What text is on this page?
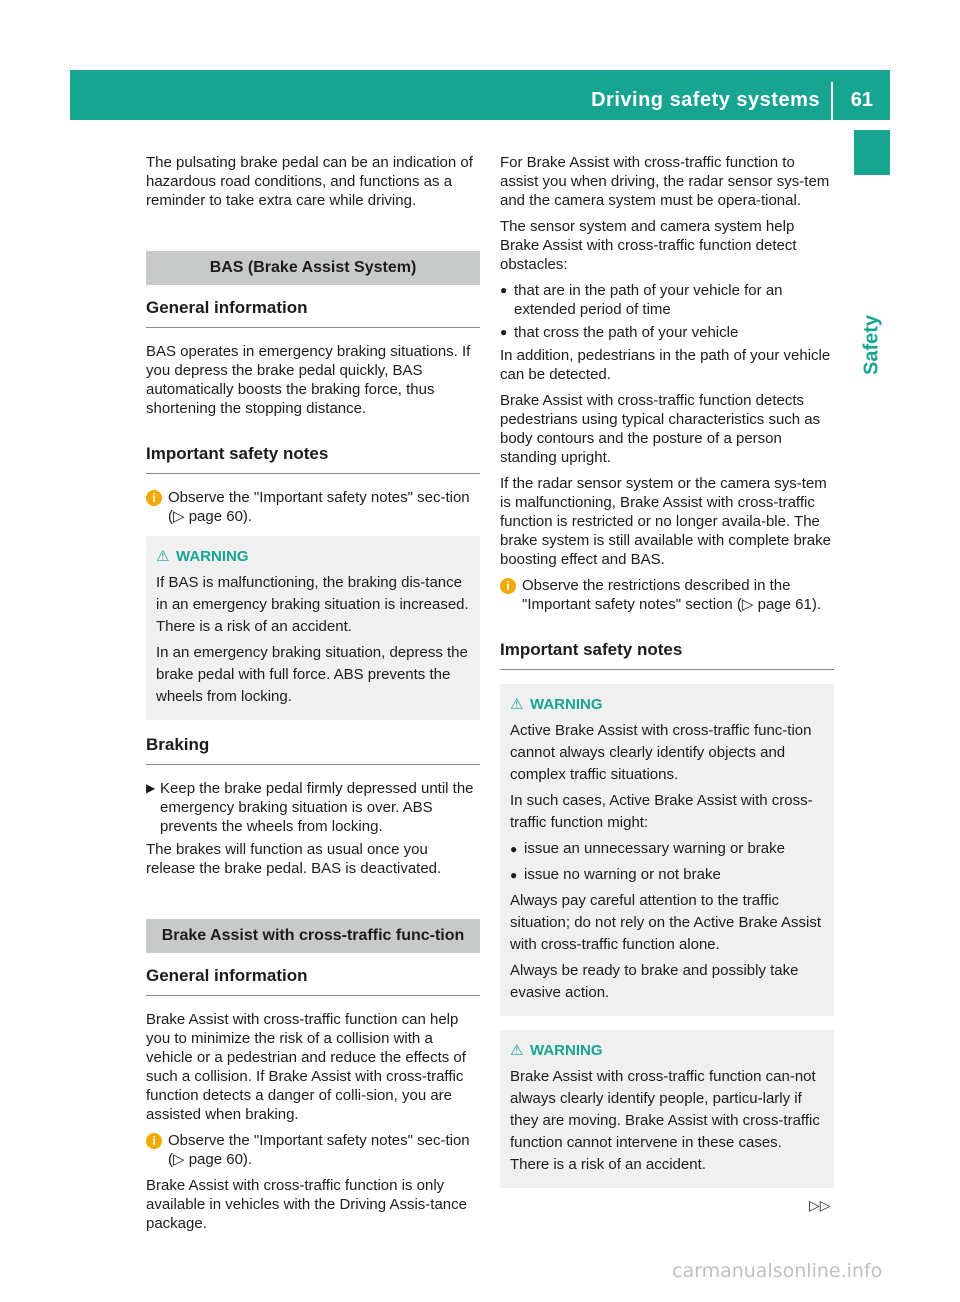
Driving safety systems 61
Safety

The pulsating brake pedal can be an indication of hazardous road conditions, and functions as a reminder to take extra care while driving.

BAS (Brake Assist System)
General information

BAS operates in emergency braking situations. If you depress the brake pedal quickly, BAS automatically boosts the braking force, thus shortening the stopping distance.

Important safety notes
i Observe the "Important safety notes" sec-tion (▷ page 60).
⚠ WARNING

If BAS is malfunctioning, the braking dis-tance in an emergency braking situation is increased. There is a risk of an accident.

In an emergency braking situation, depress the brake pedal with full force. ABS prevents the wheels from locking.

Braking
▶ Keep the brake pedal firmly depressed until the emergency braking situation is over. ABS prevents the wheels from locking.

The brakes will function as usual once you release the brake pedal. BAS is deactivated.

Brake Assist with cross-traffic func-tion
General information

Brake Assist with cross-traffic function can help you to minimize the risk of a collision with a vehicle or a pedestrian and reduce the effects of such a collision. If Brake Assist with cross-traffic function detects a danger of colli-sion, you are assisted when braking.

i Observe the "Important safety notes" sec-tion (▷ page 60).

Brake Assist with cross-traffic function is only available in vehicles with the Driving Assis-tance package.

For Brake Assist with cross-traffic function to assist you when driving, the radar sensor sys-tem and the camera system must be opera-tional.

The sensor system and camera system help Brake Assist with cross-traffic function detect obstacles:

● that are in the path of your vehicle for an extended period of time
● that cross the path of your vehicle

In addition, pedestrians in the path of your vehicle can be detected.

Brake Assist with cross-traffic function detects pedestrians using typical characteristics such as body contours and the posture of a person standing upright.

If the radar sensor system or the camera sys-tem is malfunctioning, Brake Assist with cross-traffic function is restricted or no longer availa-ble. The brake system is still available with complete brake boosting effect and BAS.

i Observe the restrictions described in the "Important safety notes" section (▷ page 61).
Important safety notes
⚠ WARNING

Active Brake Assist with cross-traffic func-tion cannot always clearly identify objects and complex traffic situations.

In such cases, Active Brake Assist with cross-traffic function might:

● issue an unnecessary warning or brake
● issue no warning or not brake

Always pay careful attention to the traffic situation; do not rely on the Active Brake Assist with cross-traffic function alone.

Always be ready to brake and possibly take evasive action.

⚠ WARNING

Brake Assist with cross-traffic function can-not always clearly identify people, particu-larly if they are moving. Brake Assist with cross-traffic function cannot intervene in these cases. There is a risk of an accident.

▷▷
carmanualsonline.info
